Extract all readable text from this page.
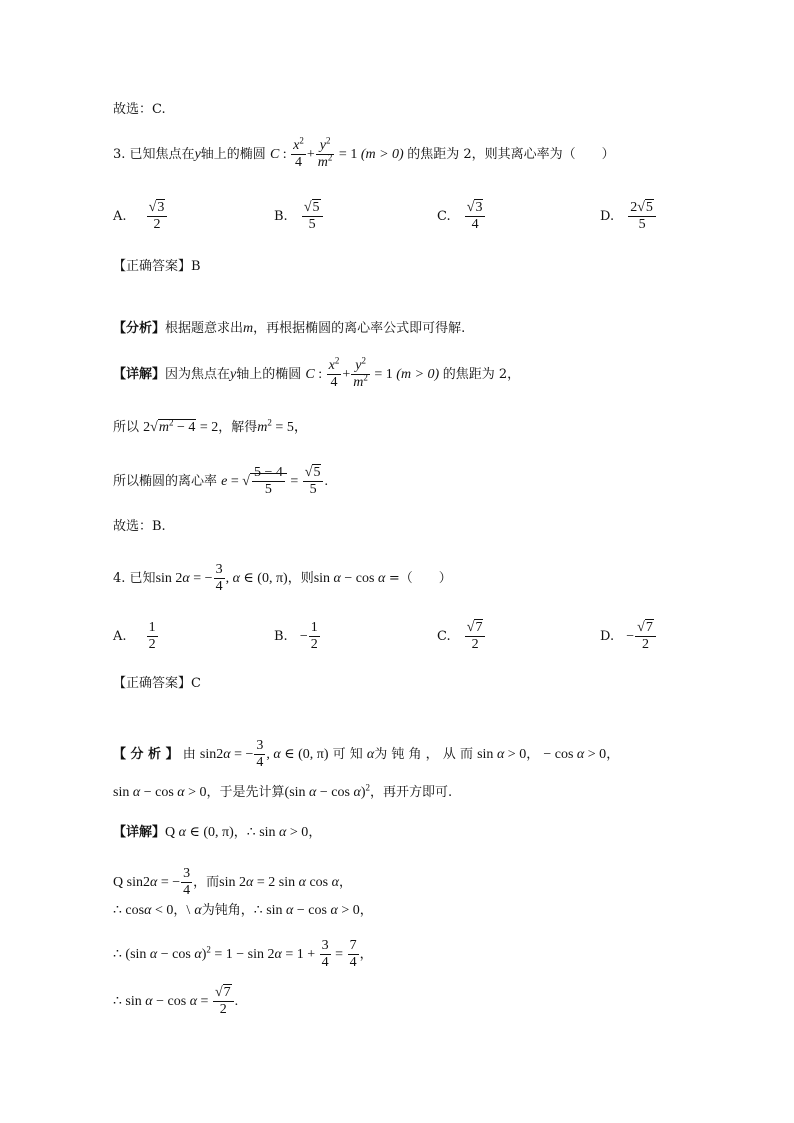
故选：C.
3. 已知焦点在y轴上的椭圆 C : $\frac{x^2}{4} + \frac{y^2}{m^2} = 1$ (m > 0) 的焦距为 2，则其离心率为（　　）
A. $\frac{√3}{2}$	B. $\frac{√5}{5}$	C. $\frac{√3}{4}$	D. $\frac{2√5}{5}$
【正确答案】B
【分析】根据题意求出m，再根据椭圆的离心率公式即可得解.
【详解】因为焦点在y轴上的椭圆 C : $\frac{x^2}{4} + \frac{y^2}{m^2} = 1$ (m > 0) 的焦距为 2，
所以 $2√m^2 - 4 = 2$，解得$m^2 = 5$，
所以椭圆的离心率 e = √ $\frac{5 - 4}{5} = \frac{√5}{5}$ .
故选：B.
4. 已知sin 2α = − $\frac{3}{4}$ , α ∈ (0, π)，则sin α − cos α =（　　）
A. $\frac{1}{2}$	B. − $\frac{1}{2}$	C. $\frac{√7}{2}$	D. − $\frac{√7}{2}$
【正确答案】C
【 分 析 】 由 sin2α = − $\frac{3}{4}$ , α ∈ (0, π) 可 知 α为 钝 角 ， 从 而 sin α > 0， − cos α > 0，
sin α − cos α > 0，于是先计算(sin α − cos α)$^2$，再开方即可.
【详解】Q α ∈ (0, π)，∴ sin α > 0，
Q sin2α = − $\frac{3}{4}$ ，而sin 2α = 2 sin α cos α，
∴ cosα < 0，\ α为钝角，∴ sin α − cos α > 0，
∴ (sin $\alpha - \cos \alpha)^2 = 1 - \sin 2\alpha = 1 + \frac{3}{4} = \frac{7}{4}$ ，
∴ $\sin \alpha - \cos \alpha = \frac{√7}{2}$ .
